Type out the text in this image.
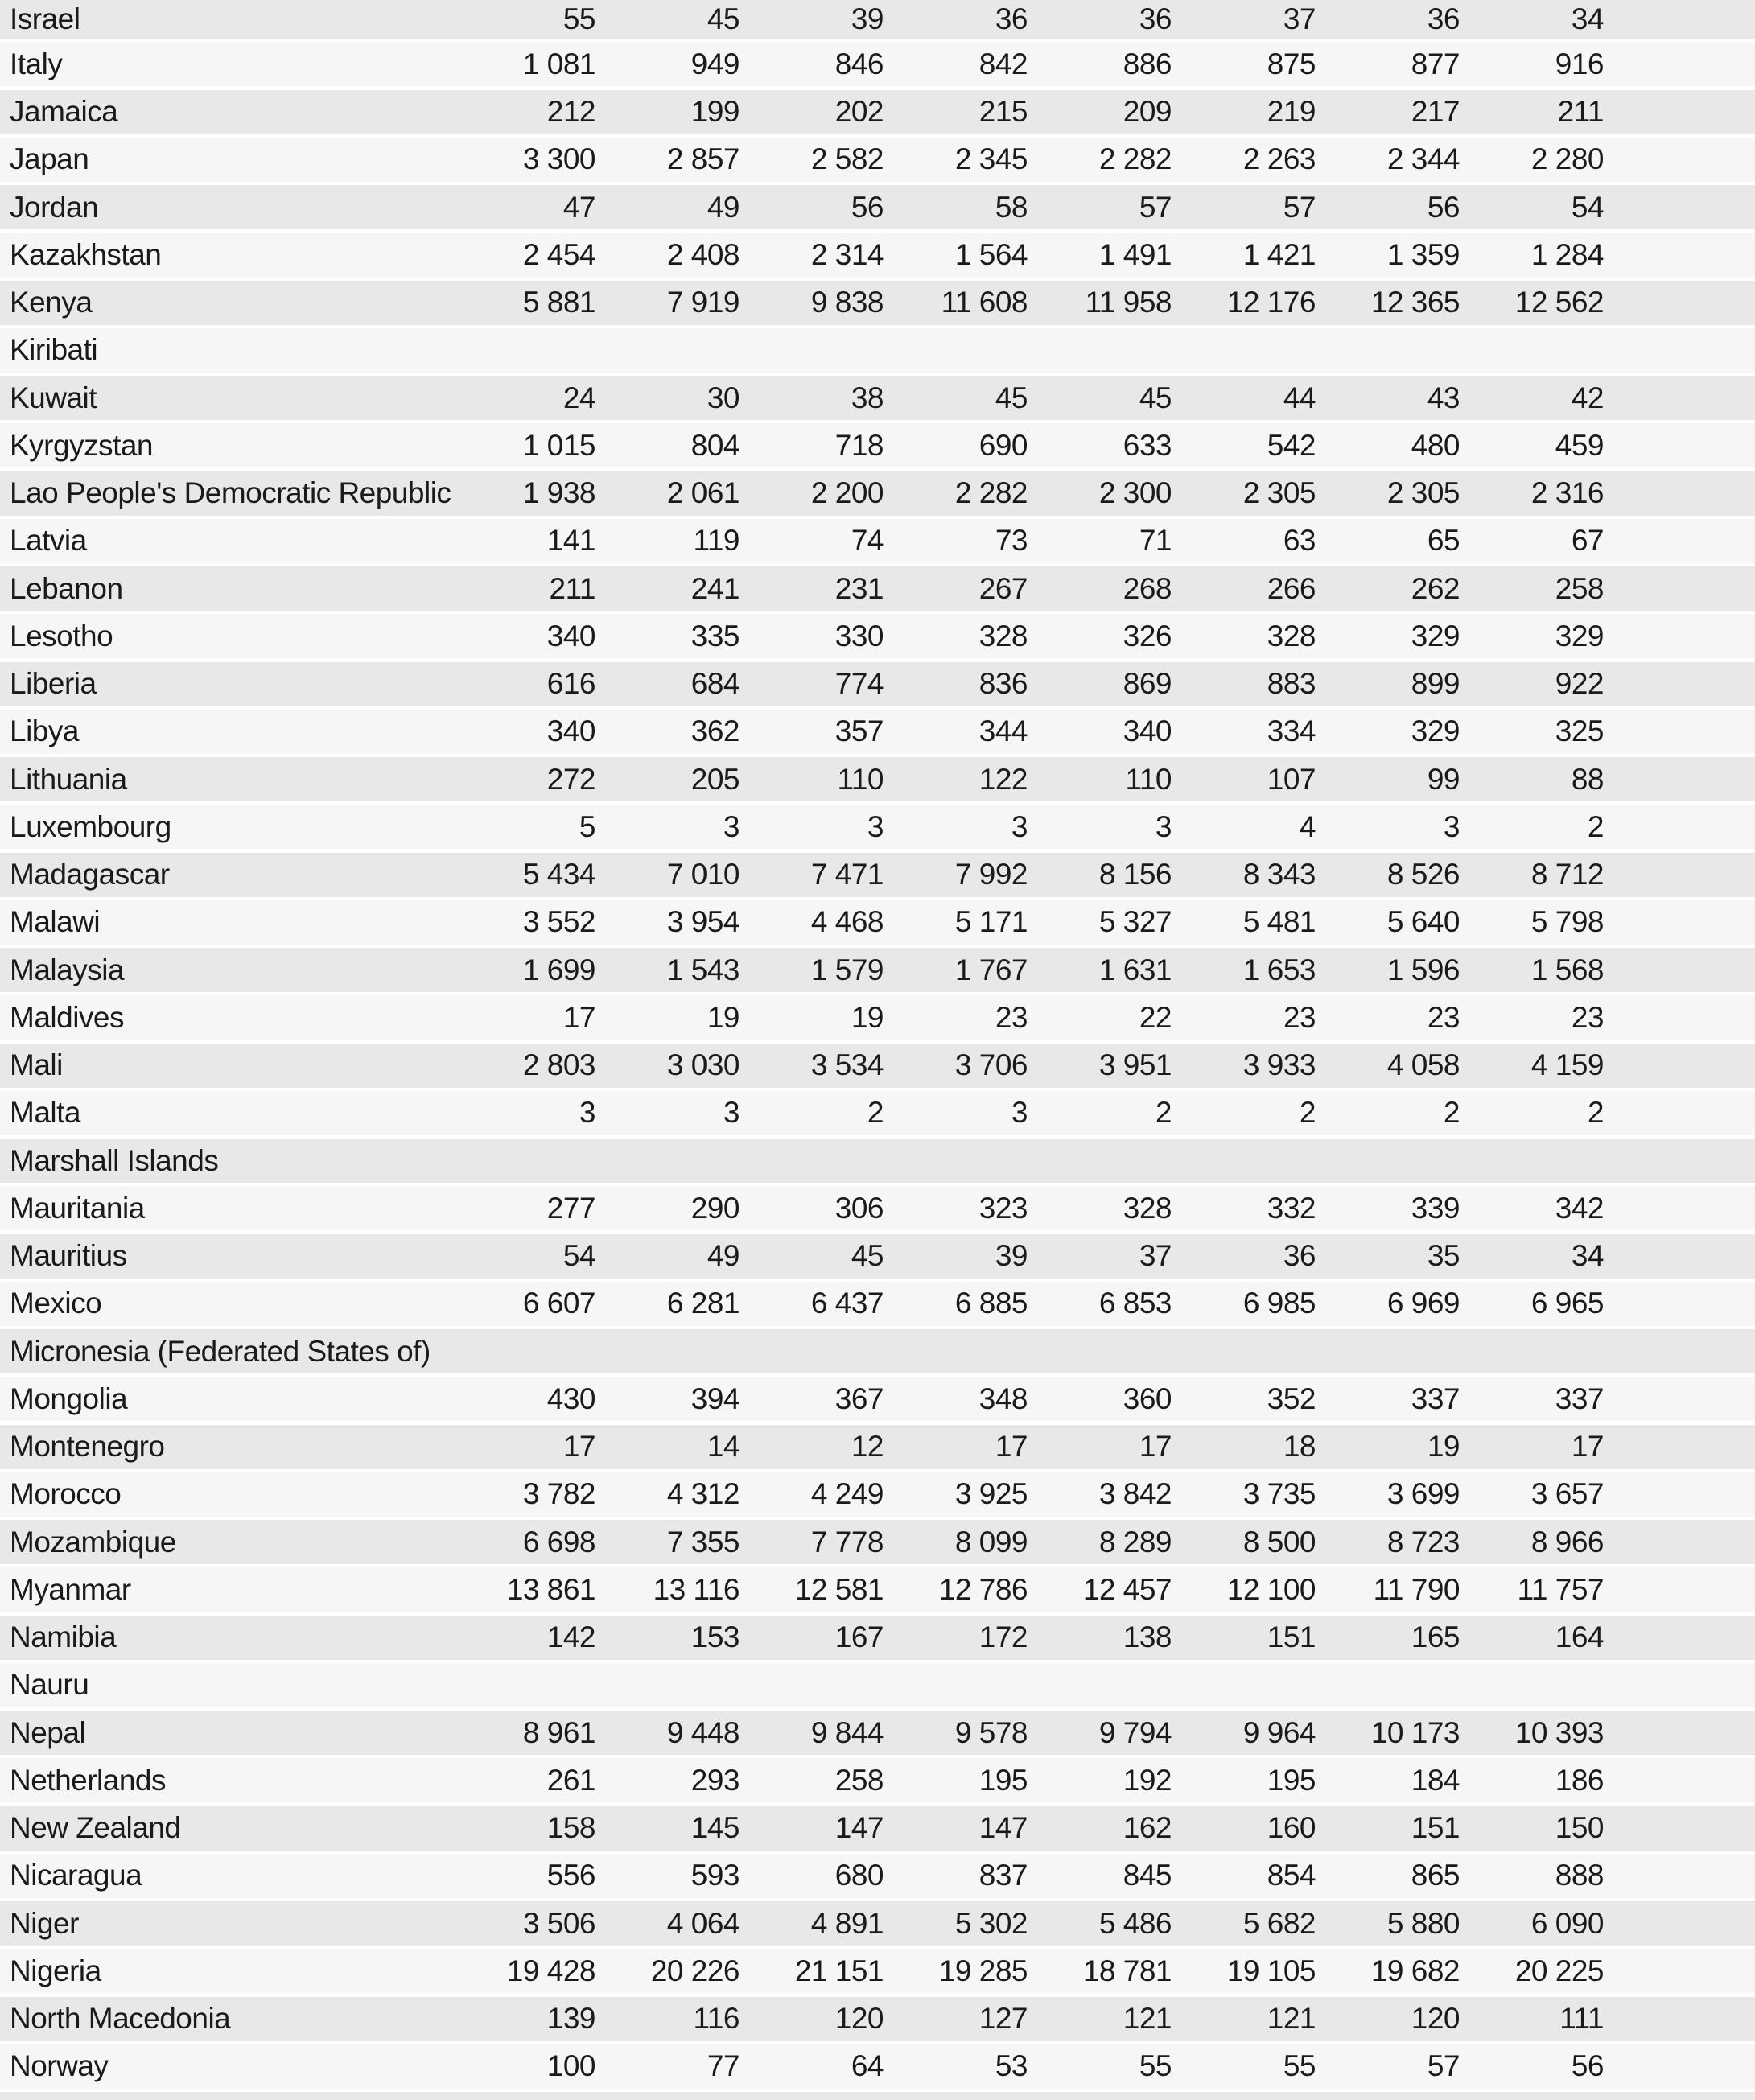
Israel	55	45	39	36	36	37	36	34
Italy	1 081	949	846	842	886	875	877	916
Jamaica	212	199	202	215	209	219	217	211
Japan	3 300	2 857	2 582	2 345	2 282	2 263	2 344	2 280
Jordan	47	49	56	58	57	57	56	54
Kazakhstan	2 454	2 408	2 314	1 564	1 491	1 421	1 359	1 284
Kenya	5 881	7 919	9 838	11 608	11 958	12 176	12 365	12 562
Kiribati
Kuwait	24	30	38	45	45	44	43	42
Kyrgyzstan	1 015	804	718	690	633	542	480	459
Lao People's Democratic Republic	1 938	2 061	2 200	2 282	2 300	2 305	2 305	2 316
Latvia	141	119	74	73	71	63	65	67
Lebanon	211	241	231	267	268	266	262	258
Lesotho	340	335	330	328	326	328	329	329
Liberia	616	684	774	836	869	883	899	922
Libya	340	362	357	344	340	334	329	325
Lithuania	272	205	110	122	110	107	99	88
Luxembourg	5	3	3	3	3	4	3	2
Madagascar	5 434	7 010	7 471	7 992	8 156	8 343	8 526	8 712
Malawi	3 552	3 954	4 468	5 171	5 327	5 481	5 640	5 798
Malaysia	1 699	1 543	1 579	1 767	1 631	1 653	1 596	1 568
Maldives	17	19	19	23	22	23	23	23
Mali	2 803	3 030	3 534	3 706	3 951	3 933	4 058	4 159
Malta	3	3	2	3	2	2	2	2
Marshall Islands
Mauritania	277	290	306	323	328	332	339	342
Mauritius	54	49	45	39	37	36	35	34
Mexico	6 607	6 281	6 437	6 885	6 853	6 985	6 969	6 965
Micronesia (Federated States of)
Mongolia	430	394	367	348	360	352	337	337
Montenegro	17	14	12	17	17	18	19	17
Morocco	3 782	4 312	4 249	3 925	3 842	3 735	3 699	3 657
Mozambique	6 698	7 355	7 778	8 099	8 289	8 500	8 723	8 966
Myanmar	13 861	13 116	12 581	12 786	12 457	12 100	11 790	11 757
Namibia	142	153	167	172	138	151	165	164
Nauru
Nepal	8 961	9 448	9 844	9 578	9 794	9 964	10 173	10 393
Netherlands	261	293	258	195	192	195	184	186
New Zealand	158	145	147	147	162	160	151	150
Nicaragua	556	593	680	837	845	854	865	888
Niger	3 506	4 064	4 891	5 302	5 486	5 682	5 880	6 090
Nigeria	19 428	20 226	21 151	19 285	18 781	19 105	19 682	20 225
North Macedonia	139	116	120	127	121	121	120	111
Norway	100	77	64	53	55	55	57	56
